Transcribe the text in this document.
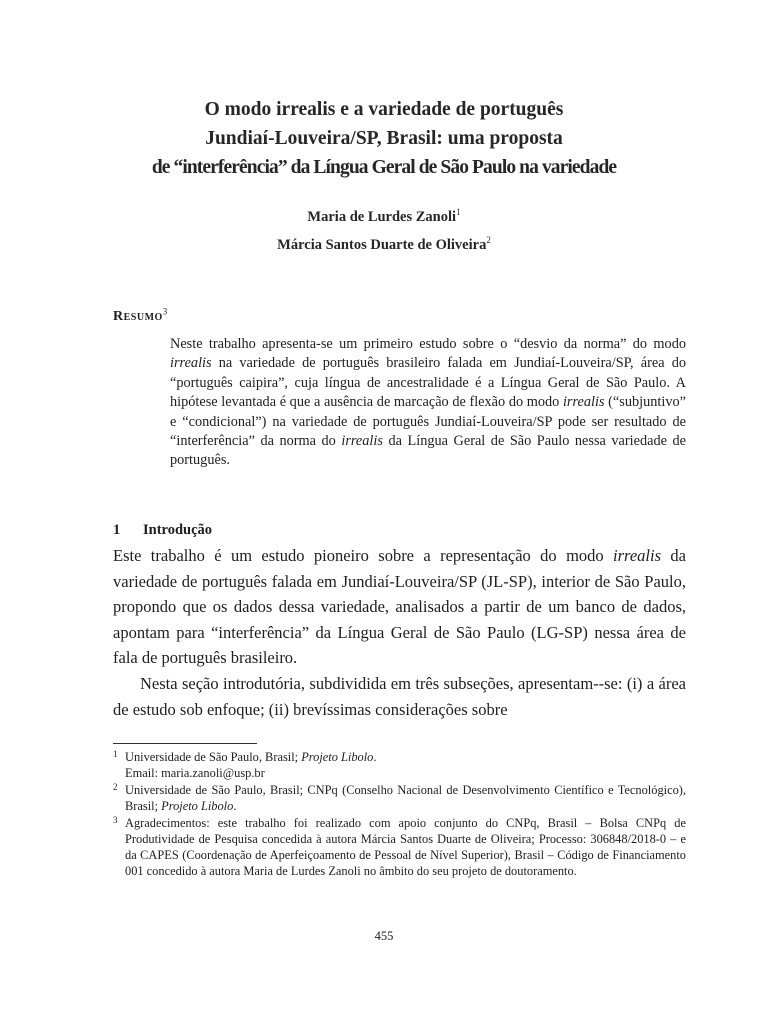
O modo irrealis e a variedade de português
Jundiaí-Louveira/SP, Brasil: uma proposta
de “interferência” da Língua Geral de São Paulo na variedade
Maria de Lurdes Zanoli$^1$
Márcia Santos Duarte de Oliveira$^2$
Resumo$^3$

Neste trabalho apresenta-se um primeiro estudo sobre o “desvio da norma” do modo irrealis na variedade de português brasileiro falada em Jundiaí-Louveira/SP, área do “português caipira”, cuja língua de ancestralidade é a Língua Geral de São Paulo. A hipótese levantada é que a ausência de marcação de flexão do modo irrealis (“subjuntivo” e “condicional”) na variedade de português Jundiaí-Louveira/SP pode ser resultado de “interferência” da norma do irrealis da Língua Geral de São Paulo nessa variedade de português.

1 Introdução

Este trabalho é um estudo pioneiro sobre a representação do modo irrealis da variedade de português falada em Jundiaí-Louveira/SP (JL-SP), interior de São Paulo, propondo que os dados dessa variedade, analisados a partir de um banco de dados, apontam para “interferência” da Língua Geral de São Paulo (LG-SP) nessa área de fala de português brasileiro.

Nesta seção introdutória, subdividida em três subseções, apresentam--se: (i) a área de estudo sob enfoque; (ii) brevíssimas considerações sobre

1 Universidade de São Paulo, Brasil; Projeto Libolo.
Email: maria.zanoli@usp.br
2 Universidade de São Paulo, Brasil; CNPq (Conselho Nacional de Desenvolvimento Científico e Tecnológico), Brasil; Projeto Libolo.
3 Agradecimentos: este trabalho foi realizado com apoio conjunto do CNPq, Brasil – Bolsa CNPq de Produtividade de Pesquisa concedida à autora Márcia Santos Duarte de Oliveira; Processo: 306848/2018-0 – e da CAPES (Coordenação de Aperfeiçoamento de Pessoal de Nível Superior), Brasil – Código de Financiamento 001 concedido à autora Maria de Lurdes Zanoli no âmbito do seu projeto de doutoramento.
455
